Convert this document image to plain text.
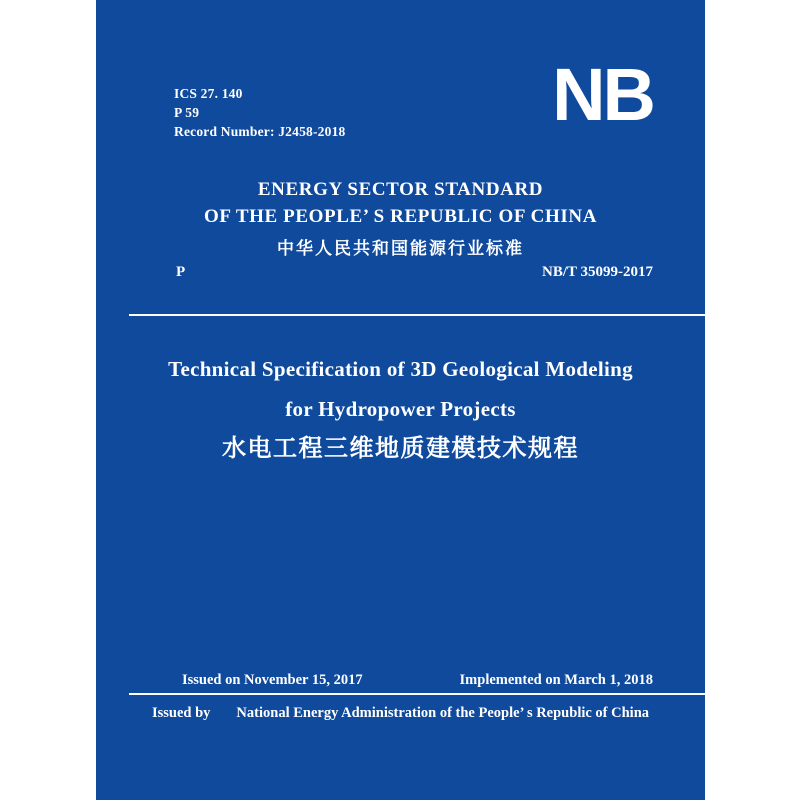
ICS 27. 140
P 59
Record Number: J2458-2018	NB
ENERGY SECTOR STANDARD
OF THE PEOPLE’ S REPUBLIC OF CHINA
中华人民共和国能源行业标准
P	NB/T 35099-2017
Technical Specification of 3D Geological Modeling
for Hydropower Projects
水电工程三维地质建模技术规程
Issued on November 15, 2017	Implemented on March 1, 2018
Issued by National Energy Administration of the People’ s Republic of China
